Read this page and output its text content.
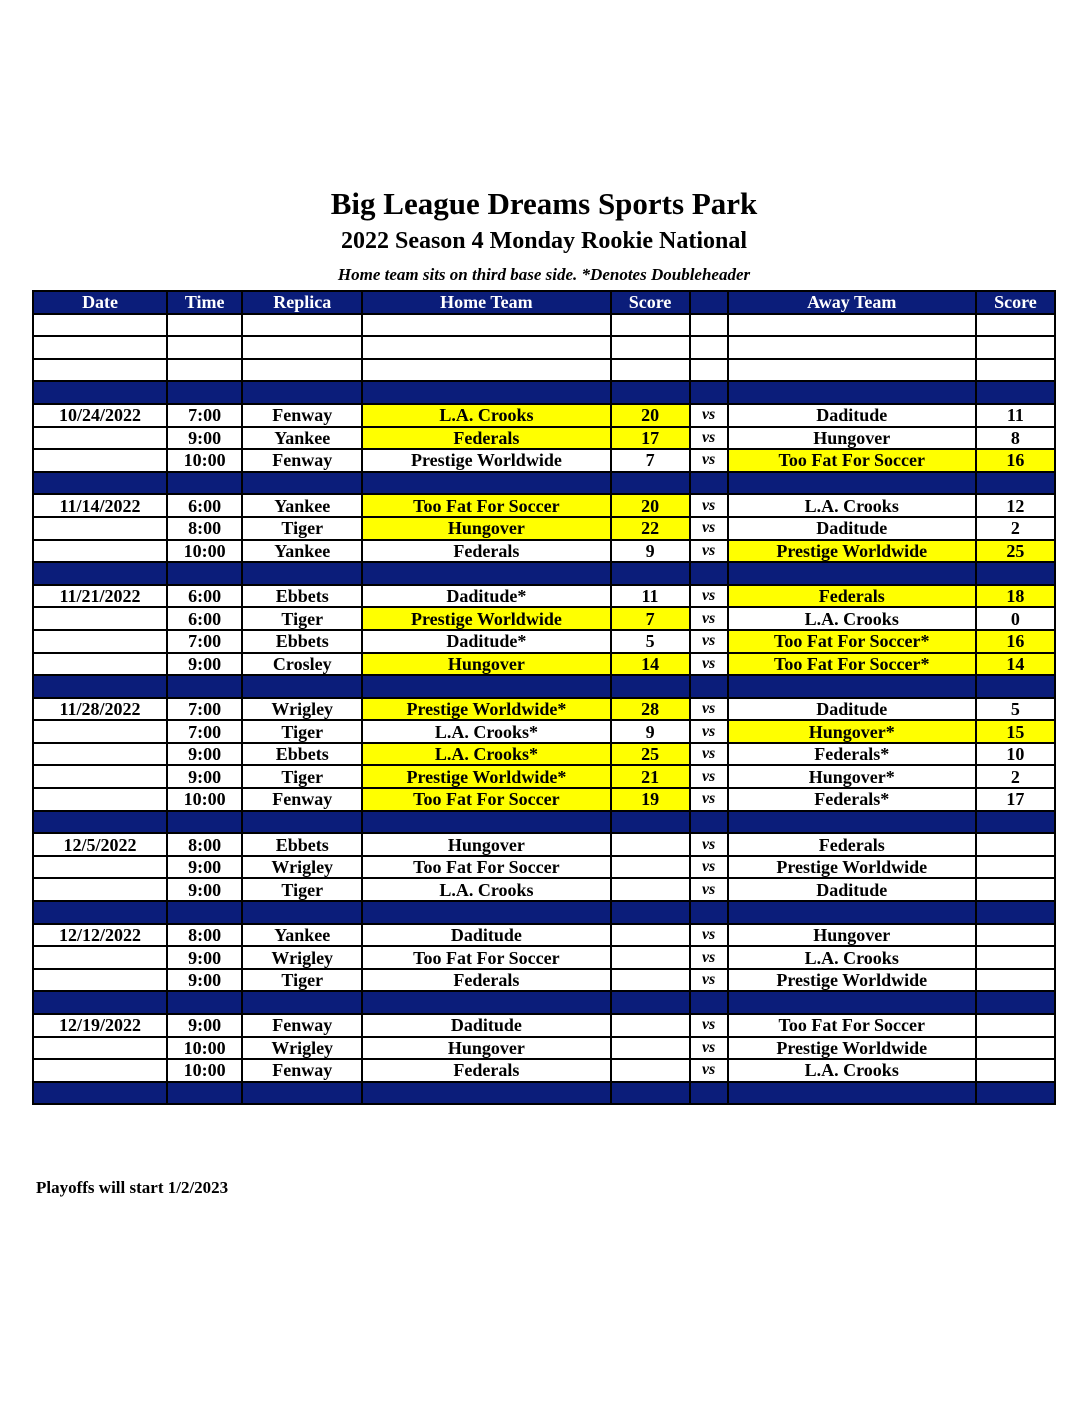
Big League Dreams Sports Park
2022 Season 4 Monday Rookie National
Home team sits on third base side. *Denotes Doubleheader
Date	Time	Replica	Home Team	Score		Away Team	Score

10/24/2022	7:00	Fenway	L.A. Crooks	20	vs	Daditude	11
	9:00	Yankee	Federals	17	vs	Hungover	8
	10:00	Fenway	Prestige Worldwide	7	vs	Too Fat For Soccer	16

11/14/2022	6:00	Yankee	Too Fat For Soccer	20	vs	L.A. Crooks	12
	8:00	Tiger	Hungover	22	vs	Daditude	2
	10:00	Yankee	Federals	9	vs	Prestige Worldwide	25

11/21/2022	6:00	Ebbets	Daditude*	11	vs	Federals	18
	6:00	Tiger	Prestige Worldwide	7	vs	L.A. Crooks	0
	7:00	Ebbets	Daditude*	5	vs	Too Fat For Soccer*	16
	9:00	Crosley	Hungover	14	vs	Too Fat For Soccer*	14

11/28/2022	7:00	Wrigley	Prestige Worldwide*	28	vs	Daditude	5
	7:00	Tiger	L.A. Crooks*	9	vs	Hungover*	15
	9:00	Ebbets	L.A. Crooks*	25	vs	Federals*	10
	9:00	Tiger	Prestige Worldwide*	21	vs	Hungover*	2
	10:00	Fenway	Too Fat For Soccer	19	vs	Federals*	17

12/5/2022	8:00	Ebbets	Hungover		vs	Federals	
	9:00	Wrigley	Too Fat For Soccer		vs	Prestige Worldwide	
	9:00	Tiger	L.A. Crooks		vs	Daditude	

12/12/2022	8:00	Yankee	Daditude		vs	Hungover	
	9:00	Wrigley	Too Fat For Soccer		vs	L.A. Crooks	
	9:00	Tiger	Federals		vs	Prestige Worldwide	

12/19/2022	9:00	Fenway	Daditude		vs	Too Fat For Soccer	
	10:00	Wrigley	Hungover		vs	Prestige Worldwide	
	10:00	Fenway	Federals		vs	L.A. Crooks	

Playoffs will start 1/2/2023
